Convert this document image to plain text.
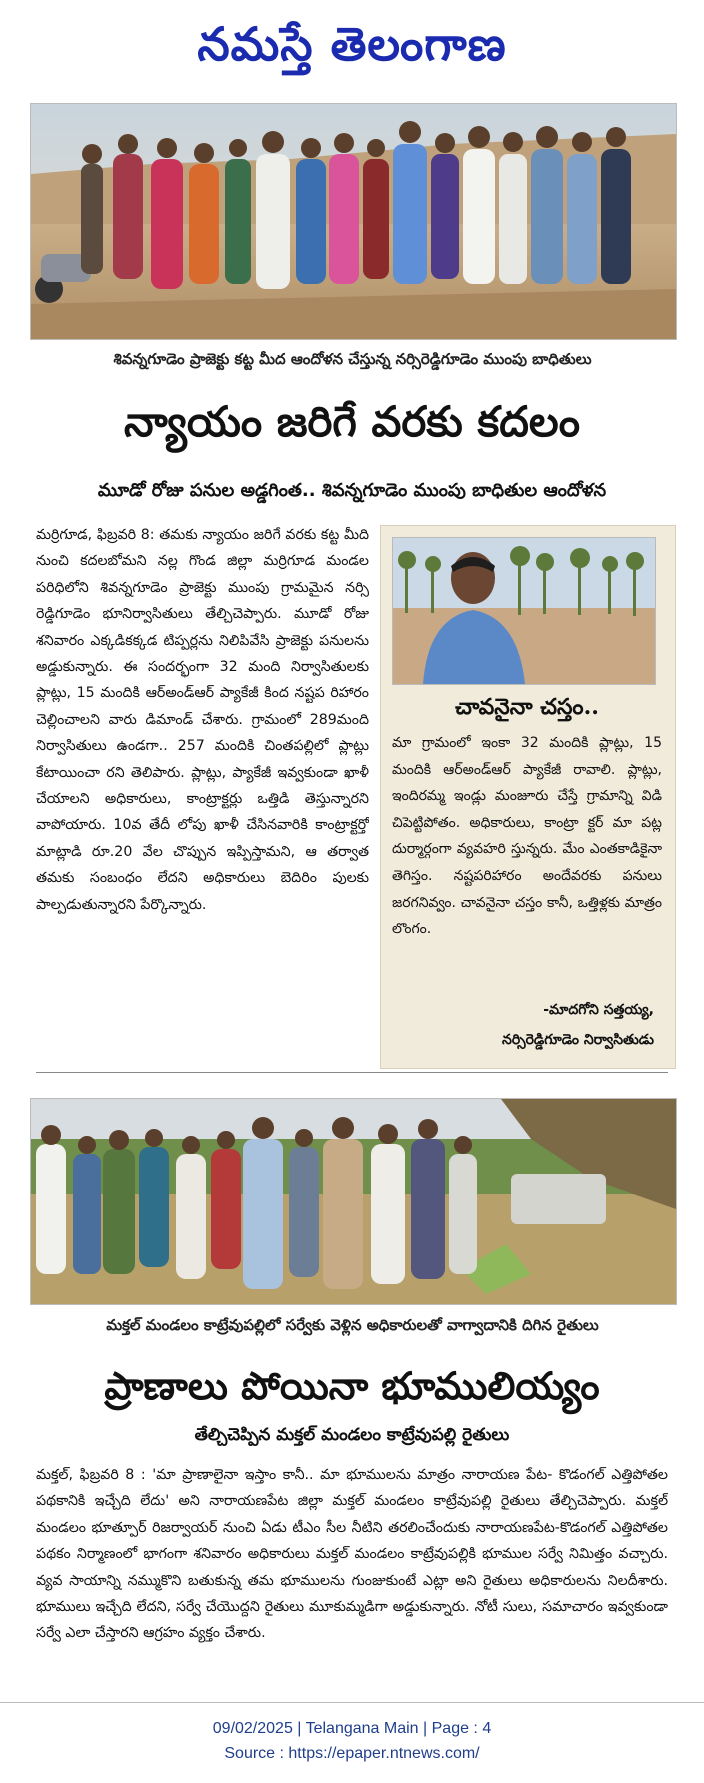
నమస్తే తెలంగాణ
శివన్నగూడెం ప్రాజెక్టు కట్ట మీద ఆందోళన చేస్తున్న నర్సిరెడ్డిగూడెం ముంపు బాధితులు
న్యాయం జరిగే వరకు కదలం
మూడో రోజు పనుల అడ్డగింత.. శివన్నగూడెం ముంపు బాధితుల ఆందోళన
మర్రిగూడ, ఫిబ్రవరి 8: తమకు న్యాయం జరిగే వరకు కట్ట మీది నుంచి కదలబోమని నల్ల గొండ జిల్లా మర్రిగూడ మండల పరిధిలోని శివన్నగూడెం ప్రాజెక్టు ముంపు గ్రామమైన నర్సి రెడ్డిగూడెం భూనిర్వాసితులు తేల్చిచెప్పారు. మూడో రోజు శనివారం ఎక్కడికక్కడ టిప్పర్లను నిలిపివేసి ప్రాజెక్టు పనులను అడ్డుకున్నారు. ఈ సందర్భంగా 32 మంది నిర్వాసితులకు ప్లాట్లు, 15 మందికి ఆర్అండ్ఆర్ ప్యాకేజీ కింద నష్టప రిహారం చెల్లించాలని వారు డిమాండ్ చేశారు. గ్రామంలో 289మంది నిర్వాసితులు ఉండగా.. 257 మందికి చింతపల్లిలో ప్లాట్లు కేటాయించా రని తెలిపారు. ప్లాట్లు, ప్యాకేజీ ఇవ్వకుండా ఖాళీ చేయాలని అధికారులు, కాంట్రాక్టర్లు ఒత్తిడి తెస్తున్నారని వాపోయారు. 10వ తేదీ లోపు ఖాళీ చేసినవారికి కాంట్రాక్టర్తో మాట్లాడి రూ.20 వేల చొప్పున ఇప్పిస్తామని, ఆ తర్వాత తమకు సంబంధం లేదని అధికారులు బెదిరిం పులకు పాల్పడుతున్నారని పేర్కొన్నారు.
చావనైనా చస్తం..
మా గ్రామంలో ఇంకా 32 మందికి ప్లాట్లు, 15 మందికి ఆర్అండ్ఆర్ ప్యాకేజీ రావాలి. ప్లాట్లు, ఇందిరమ్మ ఇండ్లు మంజూరు చేస్తే గ్రామాన్ని విడి చిపెట్టిపోతం. అధికారులు, కాంట్రా క్టర్ మా పట్ల దుర్మార్గంగా వ్యవహరి స్తున్నరు. మేం ఎంతకాడికైనా తెగిస్తం. నష్టపరిహారం అందేవరకు పనులు జరగనివ్వం. చావనైనా చస్తం కానీ, ఒత్తిళ్లకు మాత్రం లొంగం.
-మాదగోని సత్తయ్య,
నర్సిరెడ్డిగూడెం నిర్వాసితుడు
మక్తల్ మండలం కాట్రేవుపల్లిలో సర్వేకు వెళ్లిన అధికారులతో వాగ్వాదానికి దిగిన రైతులు
ప్రాణాలు పోయినా భూములియ్యం
తేల్చిచెప్పిన మక్తల్ మండలం కాట్రేవుపల్లి రైతులు
మక్తల్, ఫిబ్రవరి 8 : 'మా ప్రాణాలైనా ఇస్తాం కానీ.. మా భూములను మాత్రం నారాయణ పేట- కొడంగల్ ఎత్తిపోతల పథకానికి ఇచ్చేది లేదు' అని నారాయణపేట జిల్లా మక్తల్ మండలం కాట్రేవుపల్లి రైతులు తేల్చిచెప్పారు. మక్తల్ మండలం భూత్పూర్ రిజర్వాయర్ నుంచి ఏడు టీఎం సీల నీటిని తరలించేందుకు నారాయణపేట-కొడంగల్ ఎత్తిపోతల పథకం నిర్మాణంలో భాగంగా శనివారం అధికారులు మక్తల్ మండలం కాట్రేవుపల్లికి భూముల సర్వే నిమిత్తం వచ్చారు. వ్యవ సాయాన్ని నమ్ముకొని బతుకున్న తమ భూములను గుంజుకుంటే ఎట్లా అని రైతులు అధికారులను నిలదీశారు. భూములు ఇచ్చేది లేదని, సర్వే చేయొద్దని రైతులు మూకుమ్మడిగా అడ్డుకున్నారు. నోటీ సులు, సమాచారం ఇవ్వకుండా సర్వే ఎలా చేస్తారని ఆగ్రహం వ్యక్తం చేశారు.
09/02/2025 | Telangana Main | Page : 4
Source : https://epaper.ntnews.com/
